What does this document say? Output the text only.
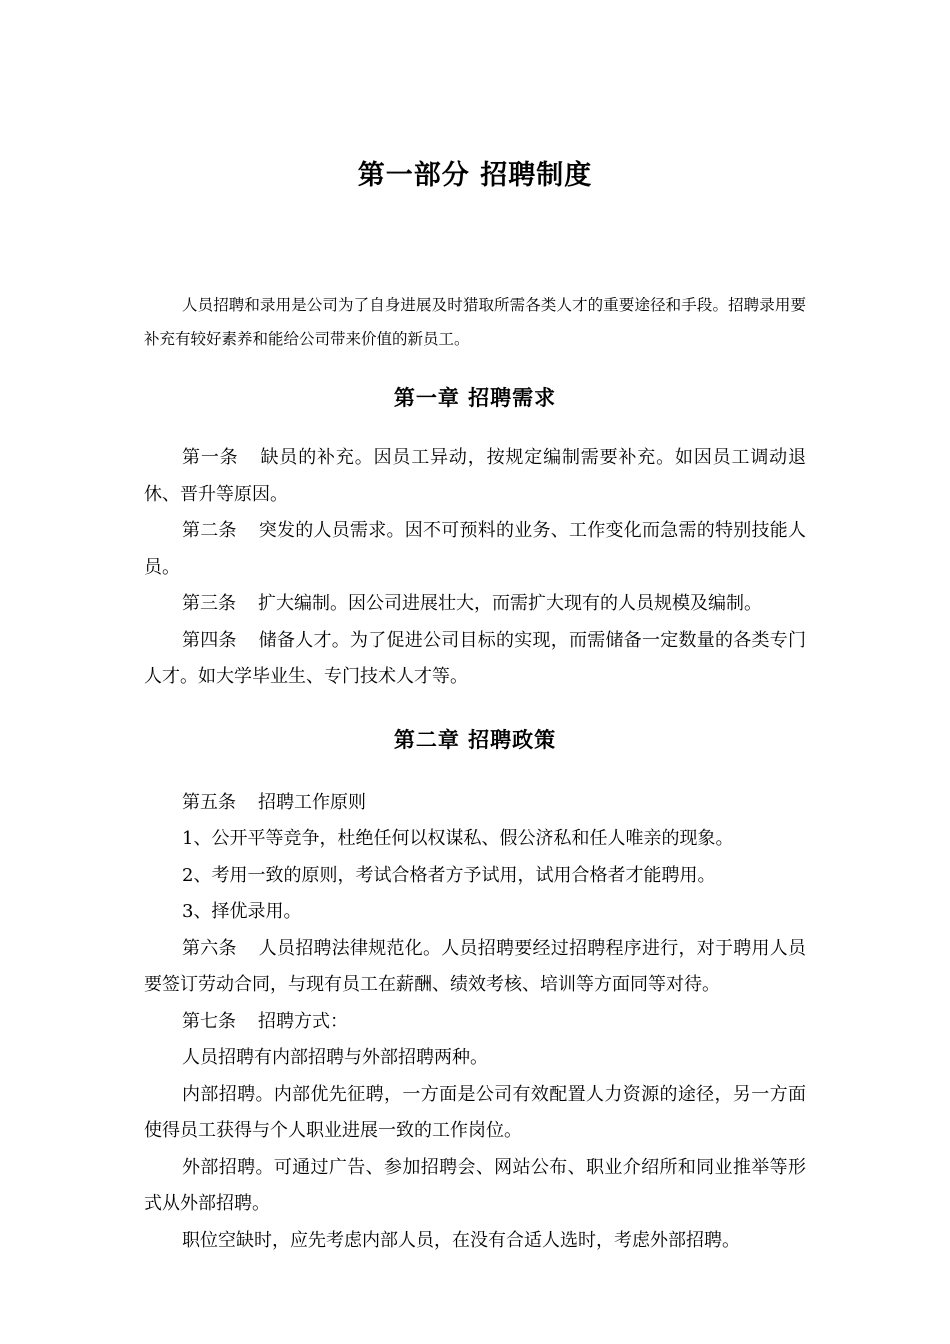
第一部分 招聘制度

人员招聘和录用是公司为了自身进展及时猎取所需各类人才的重要途径和手段。招聘录用要补充有较好素养和能给公司带来价值的新员工。

第一章 招聘需求

第一条 缺员的补充。因员工异动，按规定编制需要补充。如因员工调动退休、晋升等原因。

第二条 突发的人员需求。因不可预料的业务、工作变化而急需的特别技能人员。

第三条 扩大编制。因公司进展壮大，而需扩大现有的人员规模及编制。

第四条 储备人才。为了促进公司目标的实现，而需储备一定数量的各类专门人才。如大学毕业生、专门技术人才等。

第二章 招聘政策

第五条 招聘工作原则

1、公开平等竞争，杜绝任何以权谋私、假公济私和任人唯亲的现象。

2、考用一致的原则，考试合格者方予试用，试用合格者才能聘用。

3、择优录用。

第六条 人员招聘法律规范化。人员招聘要经过招聘程序进行，对于聘用人员要签订劳动合同，与现有员工在薪酬、绩效考核、培训等方面同等对待。

第七条 招聘方式：

人员招聘有内部招聘与外部招聘两种。

内部招聘。内部优先征聘，一方面是公司有效配置人力资源的途径，另一方面使得员工获得与个人职业进展一致的工作岗位。

外部招聘。可通过广告、参加招聘会、网站公布、职业介绍所和同业推举等形式从外部招聘。

职位空缺时，应先考虑内部人员，在没有合适人选时，考虑外部招聘。
